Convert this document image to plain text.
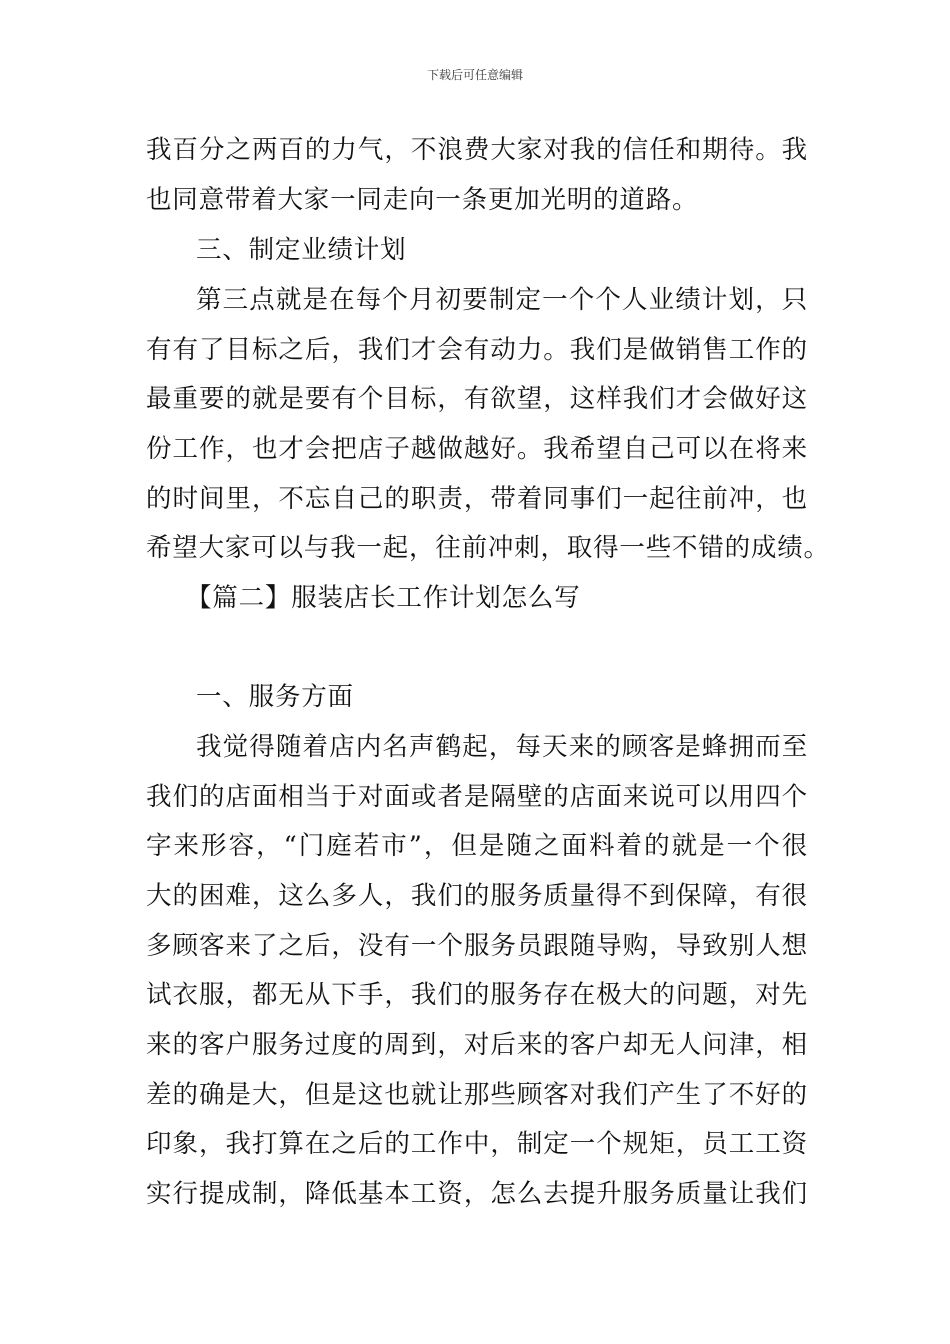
下载后可任意编辑
我百分之两百的力气，不浪费大家对我的信任和期待。我
也同意带着大家一同走向一条更加光明的道路。
三、制定业绩计划
第三点就是在每个月初要制定一个个人业绩计划，只
有有了目标之后，我们才会有动力。我们是做销售工作的
最重要的就是要有个目标，有欲望，这样我们才会做好这
份工作，也才会把店子越做越好。我希望自己可以在将来
的时间里，不忘自己的职责，带着同事们一起往前冲，也
希望大家可以与我一起，往前冲刺，取得一些不错的成绩。
【篇二】服装店长工作计划怎么写
一、服务方面
我觉得随着店内名声鹤起，每天来的顾客是蜂拥而至
我们的店面相当于对面或者是隔壁的店面来说可以用四个
字来形容，“门庭若市”，但是随之面料着的就是一个很
大的困难，这么多人，我们的服务质量得不到保障，有很
多顾客来了之后，没有一个服务员跟随导购，导致别人想
试衣服，都无从下手，我们的服务存在极大的问题，对先
来的客户服务过度的周到，对后来的客户却无人问津，相
差的确是大，但是这也就让那些顾客对我们产生了不好的
印象，我打算在之后的工作中，制定一个规矩，员工工资
实行提成制，降低基本工资，怎么去提升服务质量让我们
